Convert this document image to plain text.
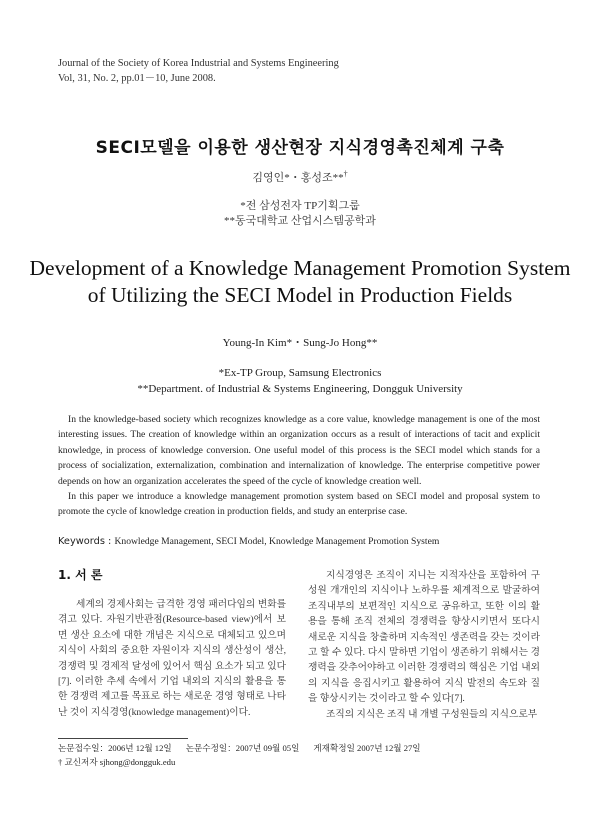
Journal of the Society of Korea Industrial and Systems Engineering
Vol, 31, No. 2, pp.01－10, June 2008.
SECI모델을 이용한 생산현장 지식경영촉진체계 구축
김영인*・홍성조**†
*전 삼성전자 TP기획그룹
**동국대학교 산업시스템공학과
Development of a Knowledge Management Promotion System
of Utilizing the SECI Model in Production Fields
Young-In Kim*・Sung-Jo Hong**
*Ex-TP Group, Samsung Electronics
**Department. of Industrial & Systems Engineering, Dongguk University

In the knowledge-based society which recognizes knowledge as a core value, knowledge management is one of the most interesting issues. The creation of knowledge within an organization occurs as a result of interactions of tacit and explicit knowledge, in process of knowledge conversion. One useful model of this process is the SECI model which stands for a process of socialization, externalization, combination and internalization of knowledge. The enterprise competitive power depends on how an organization accelerates the speed of the cycle of knowledge creation well.

In this paper we introduce a knowledge management promotion system based on SECI model and proposal system to promote the cycle of knowledge creation in production fields, and study an enterprise case.

Keywords : Knowledge Management, SECI Model, Knowledge Management Promotion System
1. 서 론

세계의 경제사회는 급격한 경영 패러다임의 변화를 겪고 있다. 자원기반관점(Resource-based view)에서 보면 생산 요소에 대한 개념은 지식으로 대체되고 있으며 지식이 사회의 중요한 자원이자 지식의 생산성이 생산, 경쟁력 및 경제적 달성에 있어서 핵심 요소가 되고 있다[7]. 이러한 추세 속에서 기업 내외의 지식의 활용을 통한 경쟁력 제고를 목표로 하는 새로운 경영 형태로 나타난 것이 지식경영(knowledge management)이다.

지식경영은 조직이 지니는 지적자산을 포함하여 구성원 개개인의 지식이나 노하우를 체계적으로 발굴하여 조직내부의 보편적인 지식으로 공유하고, 또한 이의 활용을 통해 조직 전체의 경쟁력을 향상시키면서 또다시 새로운 지식을 창출하며 지속적인 생존력을 갖는 것이라고 할 수 있다. 다시 말하면 기업이 생존하기 위해서는 경쟁력을 갖추어야하고 이러한 경쟁력의 핵심은 기업 내외의 지식을 응집시키고 활용하여 지식 발전의 속도와 질을 향상시키는 것이라고 할 수 있다[7].

조직의 지식은 조직 내 개별 구성원들의 지식으로부

논문접수일：2006년 12월 12일 논문수정일：2007년 09월 05일 게재확정일 2007년 12월 27일
† 교신저자 sjhong@dongguk.edu
